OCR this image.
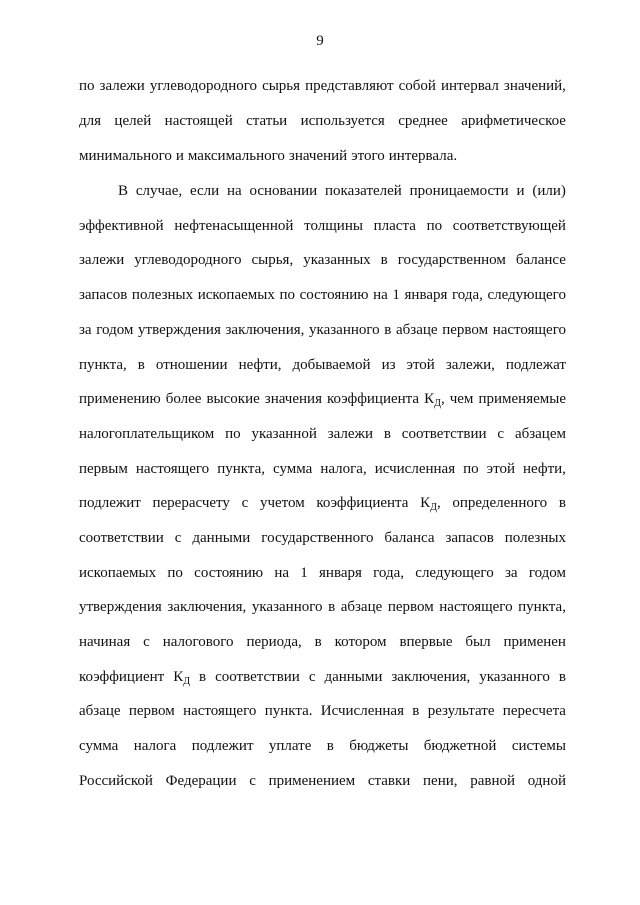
9
по залежи углеводородного сырья представляют собой интервал значений,
для целей настоящей статьи используется среднее арифметическое
минимального и максимального значений этого интервала.
В случае, если на основании показателей проницаемости и (или)
эффективной нефтенасыщенной толщины пласта по соответствующей
залежи углеводородного сырья, указанных в государственном балансе
запасов полезных ископаемых по состоянию на 1 января года, следующего
за годом утверждения заключения, указанного в абзаце первом настоящего
пункта, в отношении нефти, добываемой из этой залежи, подлежат
применению более высокие значения коэффициента $К_Д$, чем применяемые
налогоплательщиком по указанной залежи в соответствии с абзацем
первым настоящего пункта, сумма налога, исчисленная по этой нефти,
подлежит перерасчету с учетом коэффициента $К_Д$, определенного в
соответствии с данными государственного баланса запасов полезных
ископаемых по состоянию на 1 января года, следующего за годом
утверждения заключения, указанного в абзаце первом настоящего пункта,
начиная с налогового периода, в котором впервые был применен
коэффициент $К_Д$ в соответствии с данными заключения, указанного в
абзаце первом настоящего пункта. Исчисленная в результате пересчета
сумма налога подлежит уплате в бюджеты бюджетной системы
Российской Федерации с применением ставки пени, равной одной
